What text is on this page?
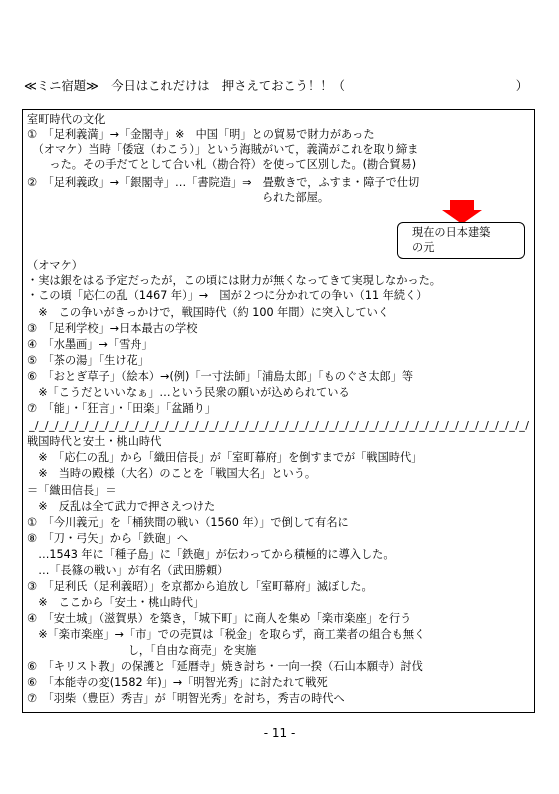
≪ミニ宿題≫　今日はこれだけは　押さえておこう！！（	）
室町時代の文化
①　「足利義満」→「金閣寺」※　中国「明」との貿易で財力があった
　（オマケ）当時「倭寇（わこう）」という海賊がいて，義満がこれを取り締ま
　　った。その手だてとして合い札（勘合符）を使って区別した。(勘合貿易)
②　「足利義政」→「銀閣寺」…「書院造」⇒　畳敷きで，ふすま・障子で仕切
　　　　　　　　　　　　　　　　　　　　　られた部屋。
現在の日本建築
の元
（オマケ）
・実は銀をはる予定だったが，この頃には財力が無くなってきて実現しなかった。
・この頃「応仁の乱（1467 年）」→　国が２つに分かれての争い（11 年続く）
　※　この争いがきっかけで，戦国時代（約 100 年間）に突入していく
③　「足利学校」→日本最古の学校
④　「水墨画」→「雪舟」
⑤　「茶の湯」「生け花」
⑥　「おとぎ草子」（絵本）→(例)「一寸法師」「浦島太郎」「ものぐさ太郎」等
　※「こうだといいなぁ」…という民衆の願いが込められている
⑦　「能」・「狂言」・「田楽」「盆踊り」
_/_/_/_/_/_/_/_/_/_/_/_/_/_/_/_/_/_/_/_/_/_/_/_/_/_/_/_/_/_/_/_/_/_/_/_/_/_/_/_/_/_/_/_/_/_/_/_/_/_/
戦国時代と安土・桃山時代
　※　「応仁の乱」から「織田信長」が「室町幕府」を倒すまでが「戦国時代」
　※　当時の殿様（大名）のことを「戦国大名」という。
＝「織田信長」＝
　※　反乱は全て武力で押さえつけた
①　「今川義元」を「桶狭間の戦い（1560 年）」で倒して有名に
⑧　「刀・弓矢」から「鉄砲」へ
　…1543 年に「種子島」に「鉄砲」が伝わってから積極的に導入した。
　…「長篠の戦い」が有名（武田勝頼）
③　「足利氏（足利義昭）」を京都から追放し「室町幕府」滅ぼした。
　※　ここから「安土・桃山時代」
④　「安土城」（滋賀県）を築き，「城下町」に商人を集め「楽市楽座」を行う
　※「楽市楽座」→「市」での売買は「税金」を取らず，商工業者の組合も無く
　　　　　　　　　し，「自由な商売」を実施
⑥　「キリスト教」の保護と「延暦寺」焼き討ち・一向一揆（石山本願寺）討伐
⑥　「本能寺の変(1582 年)」→「明智光秀」に討たれて戦死
⑦　「羽柴（豊臣）秀吉」が「明智光秀」を討ち，秀吉の時代へ
- 11 -
